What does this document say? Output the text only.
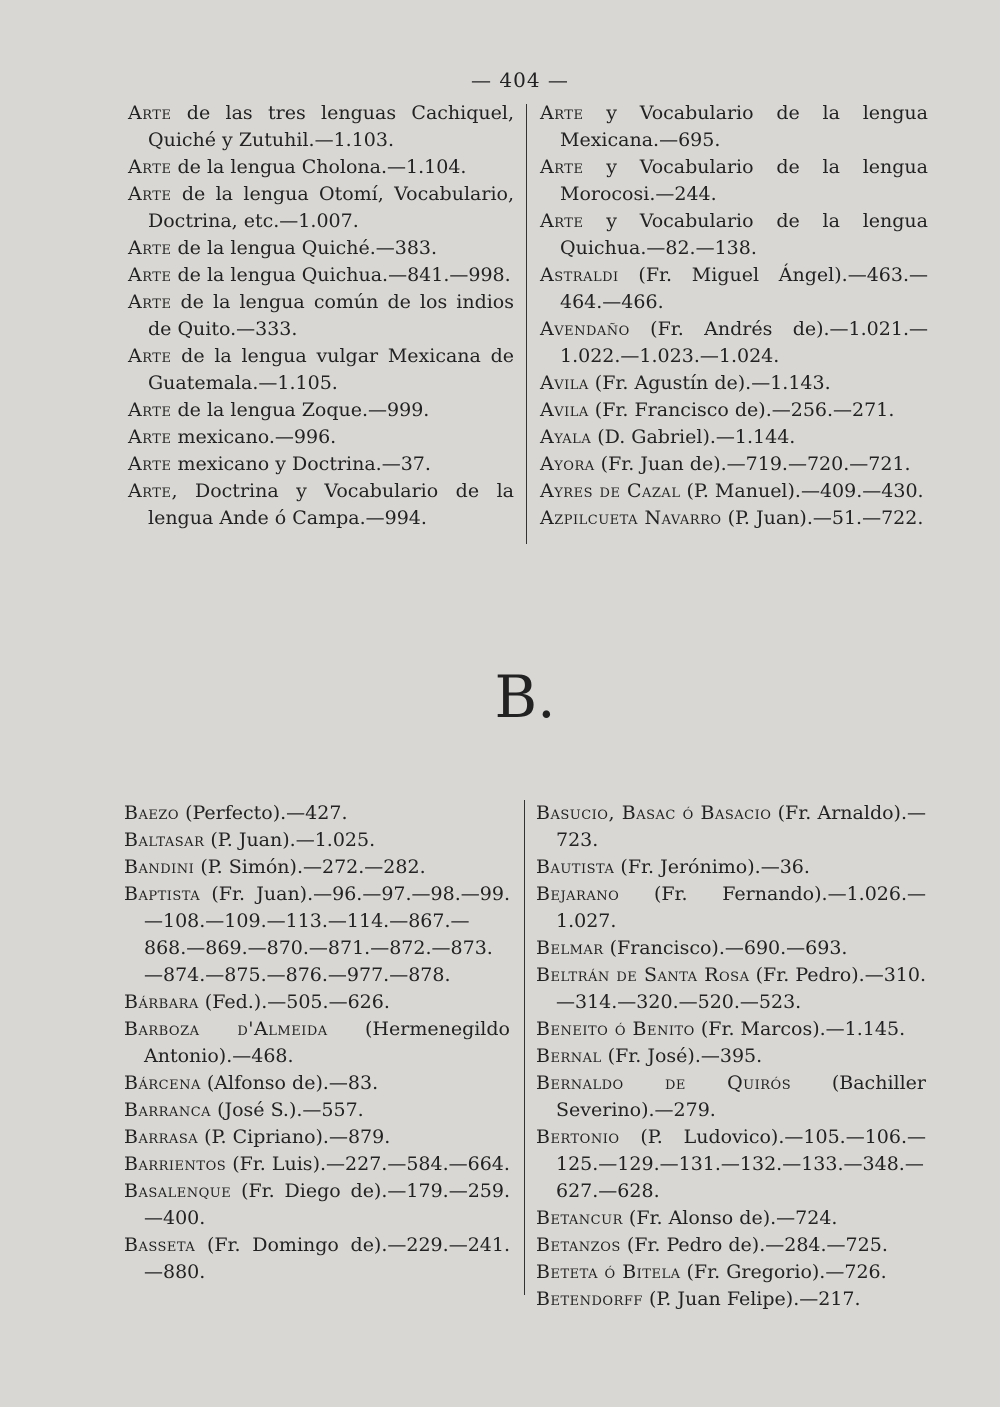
— 404 —
Arte de las tres lenguas Cachiquel, Quiché y Zutuhil.—1.103.
Arte de la lengua Cholona.—1.104.
Arte de la lengua Otomí, Vocabulario, Doctrina, etc.—1.007.
Arte de la lengua Quiché.—383.
Arte de la lengua Quichua.—841.—998.
Arte de la lengua común de los indios de Quito.—333.
Arte de la lengua vulgar Mexicana de Guatemala.—1.105.
Arte de la lengua Zoque.—999.
Arte mexicano.—996.
Arte mexicano y Doctrina.—37.
Arte, Doctrina y Vocabulario de la lengua Ande ó Campa.—994.
Arte y Vocabulario de la lengua Mexicana.—695.
Arte y Vocabulario de la lengua Morocosi.—244.
Arte y Vocabulario de la lengua Quichua.—82.—138.
Astraldi (Fr. Miguel Ángel).—463.—464.—466.
Avendaño (Fr. Andrés de).—1.021.—1.022.—1.023.—1.024.
Avila (Fr. Agustín de).—1.143.
Avila (Fr. Francisco de).—256.—271.
Ayala (D. Gabriel).—1.144.
Ayora (Fr. Juan de).—719.—720.—721.
Ayres de Cazal (P. Manuel).—409.—430.
Azpilcueta Navarro (P. Juan).—51.—722.
B.
Baezo (Perfecto).—427.
Baltasar (P. Juan).—1.025.
Bandini (P. Simón).—272.—282.
Baptista (Fr. Juan).—96.—97.—98.—99.—108.—109.—113.—114.—867.—868.—869.—870.—871.—872.—873.—874.—875.—876.—977.—878.
Bárbara (Fed.).—505.—626.
Barboza d'Almeida (Hermenegildo Antonio).—468.
Bárcena (Alfonso de).—83.
Barranca (José S.).—557.
Barrasa (P. Cipriano).—879.
Barrientos (Fr. Luis).—227.—584.—664.
Basalenque (Fr. Diego de).—179.—259.—400.
Basseta (Fr. Domingo de).—229.—241.—880.
Basucio, Basac ó Basacio (Fr. Arnaldo).—723.
Bautista (Fr. Jerónimo).—36.
Bejarano (Fr. Fernando).—1.026.—1.027.
Belmar (Francisco).—690.—693.
Beltrán de Santa Rosa (Fr. Pedro).—310.—314.—320.—520.—523.
Beneito ó Benito (Fr. Marcos).—1.145.
Bernal (Fr. José).—395.
Bernaldo de Quirós (Bachiller Severino).—279.
Bertonio (P. Ludovico).—105.—106.—125.—129.—131.—132.—133.—348.—627.—628.
Betancur (Fr. Alonso de).—724.
Betanzos (Fr. Pedro de).—284.—725.
Beteta ó Bitela (Fr. Gregorio).—726.
Betendorff (P. Juan Felipe).—217.
